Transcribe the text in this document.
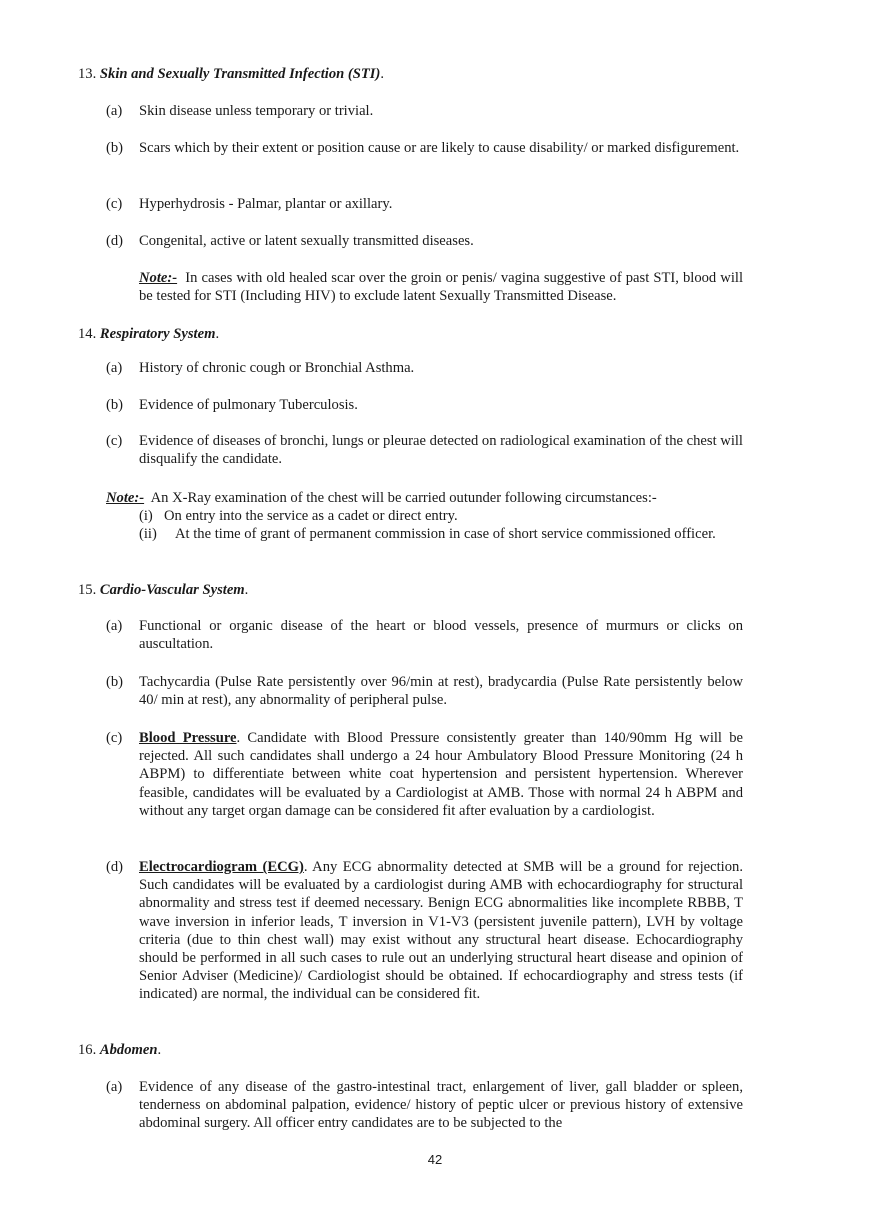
13. Skin and Sexually Transmitted Infection (STI).
(a) Skin disease unless temporary or trivial.
(b) Scars which by their extent or position cause or are likely to cause disability/ or marked disfigurement.
(c) Hyperhydrosis - Palmar, plantar or axillary.
(d) Congenital, active or latent sexually transmitted diseases.
Note:- In cases with old healed scar over the groin or penis/ vagina suggestive of past STI, blood will be tested for STI (Including HIV) to exclude latent Sexually Transmitted Disease.
14. Respiratory System.
(a) History of chronic cough or Bronchial Asthma.
(b) Evidence of pulmonary Tuberculosis.
(c) Evidence of diseases of bronchi, lungs or pleurae detected on radiological examination of the chest will disqualify the candidate.
Note:- An X-Ray examination of the chest will be carried outunder following circumstances:-
(i) On entry into the service as a cadet or direct entry.
(ii)	At the time of grant of permanent commission in case of short service commissioned officer.
15. Cardio-Vascular System.
(a) Functional or organic disease of the heart or blood vessels, presence of murmurs or clicks on auscultation.
(b) Tachycardia (Pulse Rate persistently over 96/min at rest), bradycardia (Pulse Rate persistently below 40/ min at rest), any abnormality of peripheral pulse.
(c) Blood Pressure. Candidate with Blood Pressure consistently greater than 140/90mm Hg will be rejected. All such candidates shall undergo a 24 hour Ambulatory Blood Pressure Monitoring (24 h ABPM) to differentiate between white coat hypertension and persistent hypertension. Wherever feasible, candidates will be evaluated by a Cardiologist at AMB. Those with normal 24 h ABPM and without any target organ damage can be considered fit after evaluation by a cardiologist.
(d) Electrocardiogram (ECG). Any ECG abnormality detected at SMB will be a ground for rejection. Such candidates will be evaluated by a cardiologist during AMB with echocardiography for structural abnormality and stress test if deemed necessary. Benign ECG abnormalities like incomplete RBBB, T wave inversion in inferior leads, T inversion in V1-V3 (persistent juvenile pattern), LVH by voltage criteria (due to thin chest wall) may exist without any structural heart disease. Echocardiography should be performed in all such cases to rule out an underlying structural heart disease and opinion of Senior Adviser (Medicine)/ Cardiologist should be obtained. If echocardiography and stress tests (if indicated) are normal, the individual can be considered fit.
16. Abdomen.
(a) Evidence of any disease of the gastro-intestinal tract, enlargement of liver, gall bladder or spleen, tenderness on abdominal palpation, evidence/ history of peptic ulcer or previous history of extensive abdominal surgery. All officer entry candidates are to be subjected to the
42
